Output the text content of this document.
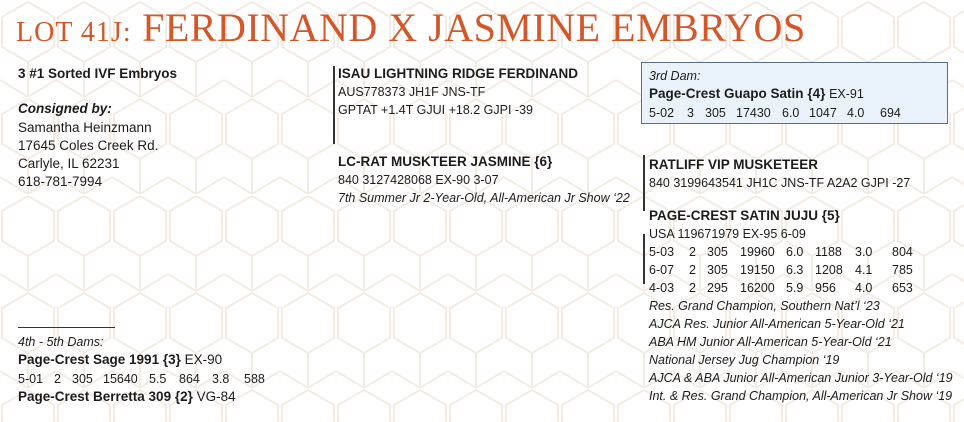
LOT 41J: FERDINAND X JASMINE EMBRYOS
3 #1 Sorted IVF Embryos
Consigned by:
Samantha Heinzmann
17645 Coles Creek Rd.
Carlyle, IL 62231
618-781-7994
4th - 5th Dams:
Page-Crest Sage 1991 {3} EX-90
5-01 2 305 15640 5.5	864 3.8	588
Page-Crest Berretta 309 {2} VG-84
ISAU LIGHTNING RIDGE FERDINAND
AUS778373 JH1F JNS-TF
GPTAT +1.4T GJUI +18.2 GJPI -39
LC-RAT MUSKTEER JASMINE {6}
840 3127428068 EX-90 3-07
7th Summer Jr 2-Year-Old, All-American Jr Show ‘22
3rd Dam:
Page-Crest Guapo Satin {4} EX-91
5-02	3 305 17430 6.0 1047 4.0	694
RATLIFF VIP MUSKETEER
840 3199643541 JH1C JNS-TF A2A2 GJPI -27
PAGE-CREST SATIN JUJU {5}
USA 119671979 EX-95 6-09
5-03	2 305 19960 6.0 1188	3.0	804
6-07	2 305 19150 6.3 1208 4.1	785
4-03	2 295 16200 5.9 956	4.0	653
Res. Grand Champion, Southern Nat’l ‘23
AJCA Res. Junior All-American 5-Year-Old ‘21
ABA HM Junior All-American 5-Year-Old ‘21
National Jersey Jug Champion ‘19
AJCA & ABA Junior All-American Junior 3-Year-Old ‘19
Int. & Res. Grand Champion, All-American Jr Show ‘19
